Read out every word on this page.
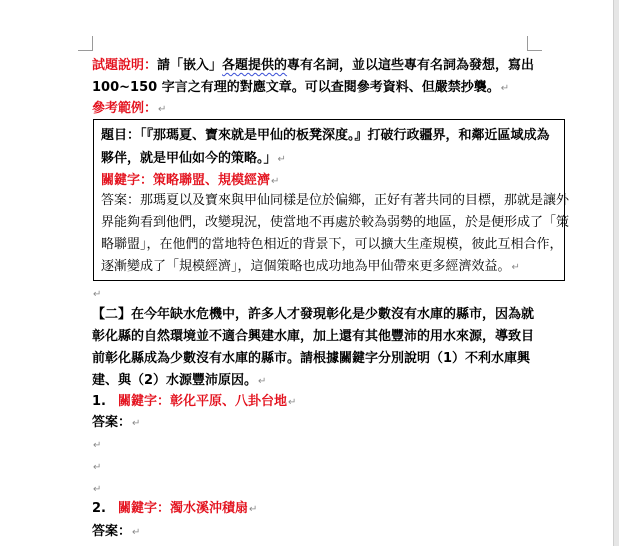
試題說明：請「嵌入」各題提供的專有名詞，並以這些專有名詞為發想，寫出
100~150 字言之有理的對應文章。可以查閱參考資料、但嚴禁抄襲。↵
參考範例：↵
題目：「『那瑪夏、寶來就是甲仙的板凳深度。』打破行政疆界，和鄰近區域成為
夥伴，就是甲仙如今的策略。」↵
關鍵字：策略聯盟、規模經濟↵
答案：那瑪夏以及寶來與甲仙同樣是位於偏鄉，正好有著共同的目標，那就是讓外
界能夠看到他們，改變現況，使當地不再處於較為弱勢的地區，於是便形成了「策
略聯盟」，在他們的當地特色相近的背景下，可以擴大生產規模，彼此互相合作，
逐漸變成了「規模經濟」，這個策略也成功地為甲仙帶來更多經濟效益。↵
↵
【二】在今年缺水危機中，許多人才發現彰化是少數沒有水庫的縣市，因為就
彰化縣的自然環境並不適合興建水庫，加上還有其他豐沛的用水來源，導致目
前彰化縣成為少數沒有水庫的縣市。請根據關鍵字分別說明（1）不利水庫興
建、與（2）水源豐沛原因。↵
1. 關鍵字：彰化平原、八卦台地↵
答案：↵
↵
↵
↵
2. 關鍵字：濁水溪沖積扇↵
答案：↵
